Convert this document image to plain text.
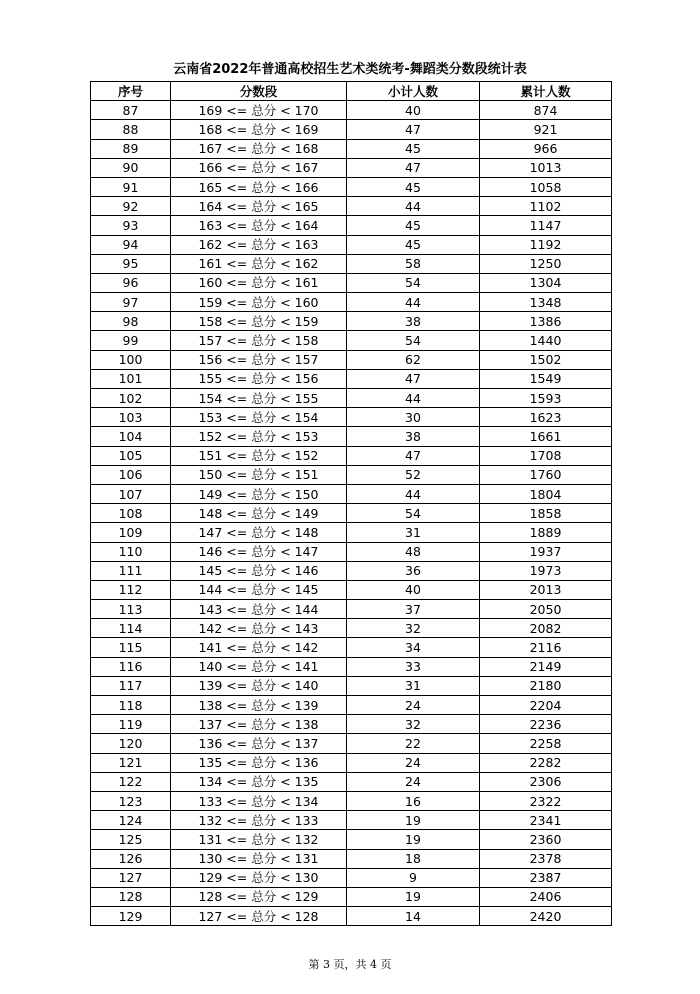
云南省2022年普通高校招生艺术类统考-舞蹈类分数段统计表
序号	分数段	小计人数	累计人数
87	169 <= 总分 < 170	40	874
88	168 <= 总分 < 169	47	921
89	167 <= 总分 < 168	45	966
90	166 <= 总分 < 167	47	1013
91	165 <= 总分 < 166	45	1058
92	164 <= 总分 < 165	44	1102
93	163 <= 总分 < 164	45	1147
94	162 <= 总分 < 163	45	1192
95	161 <= 总分 < 162	58	1250
96	160 <= 总分 < 161	54	1304
97	159 <= 总分 < 160	44	1348
98	158 <= 总分 < 159	38	1386
99	157 <= 总分 < 158	54	1440
100	156 <= 总分 < 157	62	1502
101	155 <= 总分 < 156	47	1549
102	154 <= 总分 < 155	44	1593
103	153 <= 总分 < 154	30	1623
104	152 <= 总分 < 153	38	1661
105	151 <= 总分 < 152	47	1708
106	150 <= 总分 < 151	52	1760
107	149 <= 总分 < 150	44	1804
108	148 <= 总分 < 149	54	1858
109	147 <= 总分 < 148	31	1889
110	146 <= 总分 < 147	48	1937
111	145 <= 总分 < 146	36	1973
112	144 <= 总分 < 145	40	2013
113	143 <= 总分 < 144	37	2050
114	142 <= 总分 < 143	32	2082
115	141 <= 总分 < 142	34	2116
116	140 <= 总分 < 141	33	2149
117	139 <= 总分 < 140	31	2180
118	138 <= 总分 < 139	24	2204
119	137 <= 总分 < 138	32	2236
120	136 <= 总分 < 137	22	2258
121	135 <= 总分 < 136	24	2282
122	134 <= 总分 < 135	24	2306
123	133 <= 总分 < 134	16	2322
124	132 <= 总分 < 133	19	2341
125	131 <= 总分 < 132	19	2360
126	130 <= 总分 < 131	18	2378
127	129 <= 总分 < 130	9	2387
128	128 <= 总分 < 129	19	2406
129	127 <= 总分 < 128	14	2420
第 3 页，共 4 页
